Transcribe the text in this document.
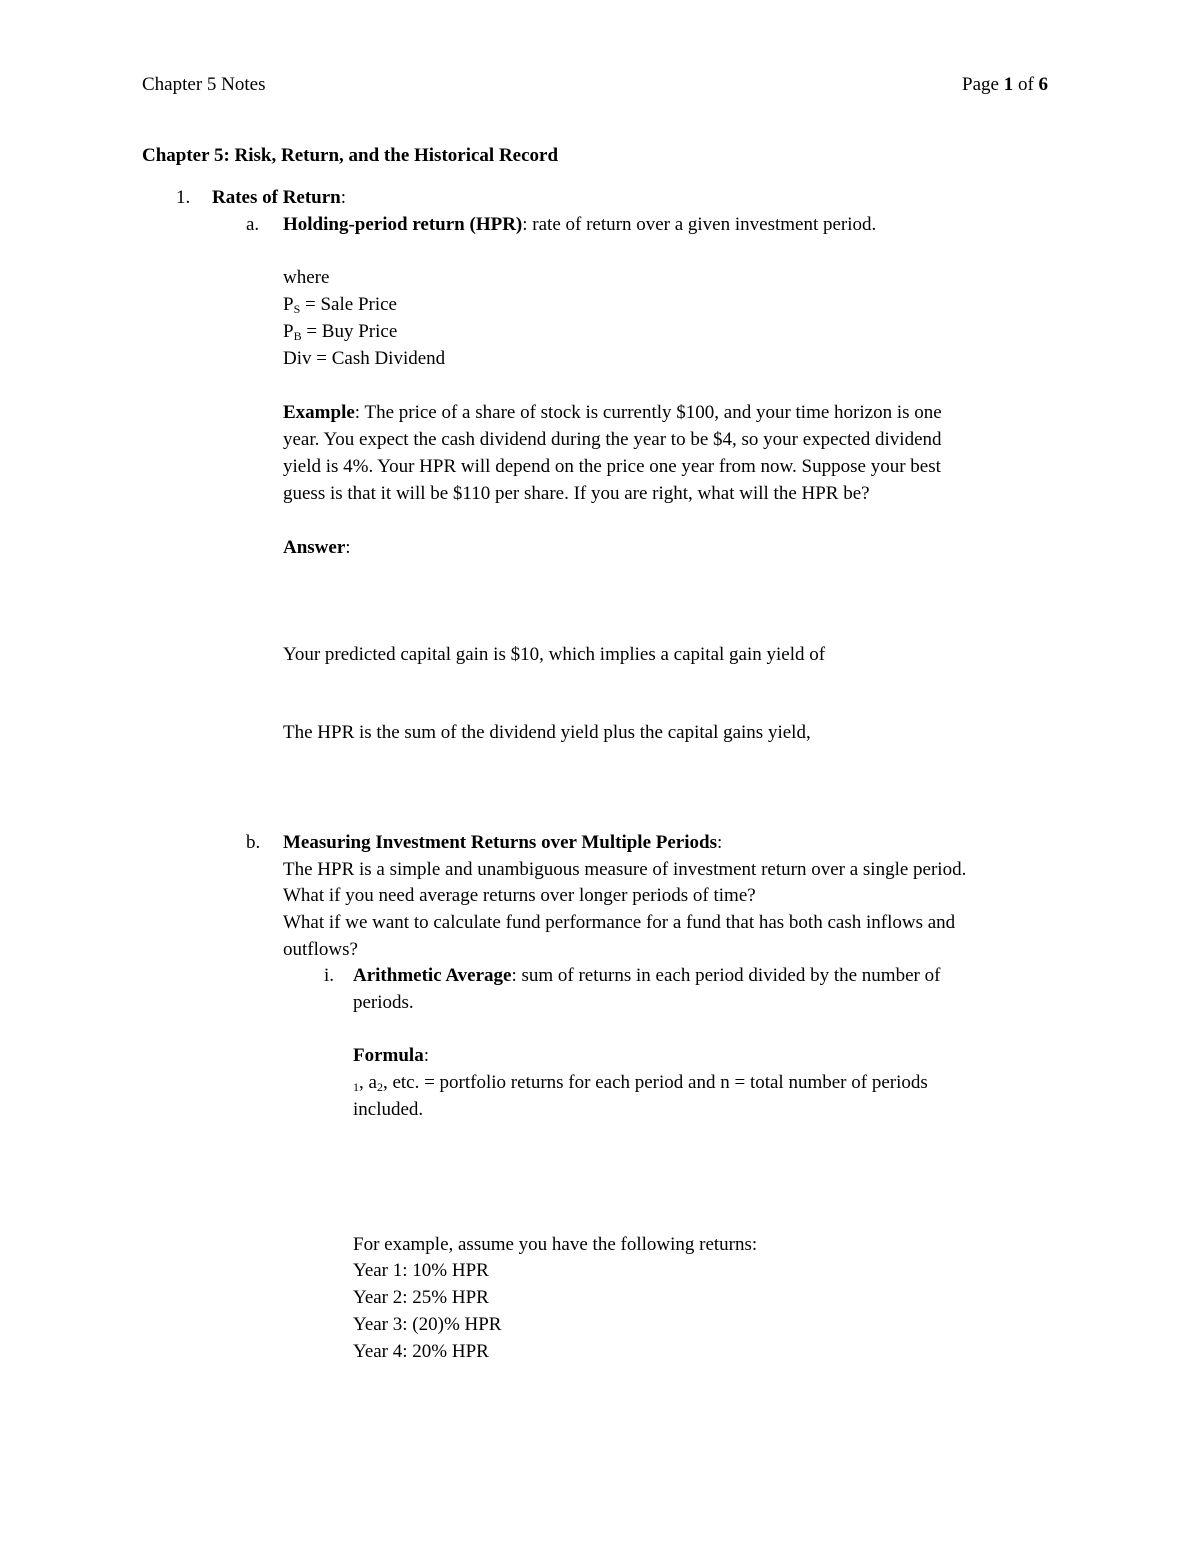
Chapter 5 Notes	Page 1 of 6
Chapter 5: Risk, Return, and the Historical Record
1. Rates of Return:
a. Holding-period return (HPR): rate of return over a given investment period.
where
$P_S$ = Sale Price
$P_B$ = Buy Price
Div = Cash Dividend
Example: The price of a share of stock is currently $100, and your time horizon is one
year. You expect the cash dividend during the year to be $4, so your expected dividend
yield is 4%. Your HPR will depend on the price one year from now. Suppose your best
guess is that it will be $110 per share. If you are right, what will the HPR be?
Answer:
Your predicted capital gain is $10, which implies a capital gain yield of
The HPR is the sum of the dividend yield plus the capital gains yield,
b. Measuring Investment Returns over Multiple Periods:
The HPR is a simple and unambiguous measure of investment return over a single period.
What if you need average returns over longer periods of time?
What if we want to calculate fund performance for a fund that has both cash inflows and
outflows?
i. Arithmetic Average: sum of returns in each period divided by the number of
periods.
Formula:
$_1$, $a_2$, etc. = portfolio returns for each period and n = total number of periods
included.
For example, assume you have the following returns:
Year 1: 10% HPR
Year 2: 25% HPR
Year 3: (20)% HPR
Year 4: 20% HPR
